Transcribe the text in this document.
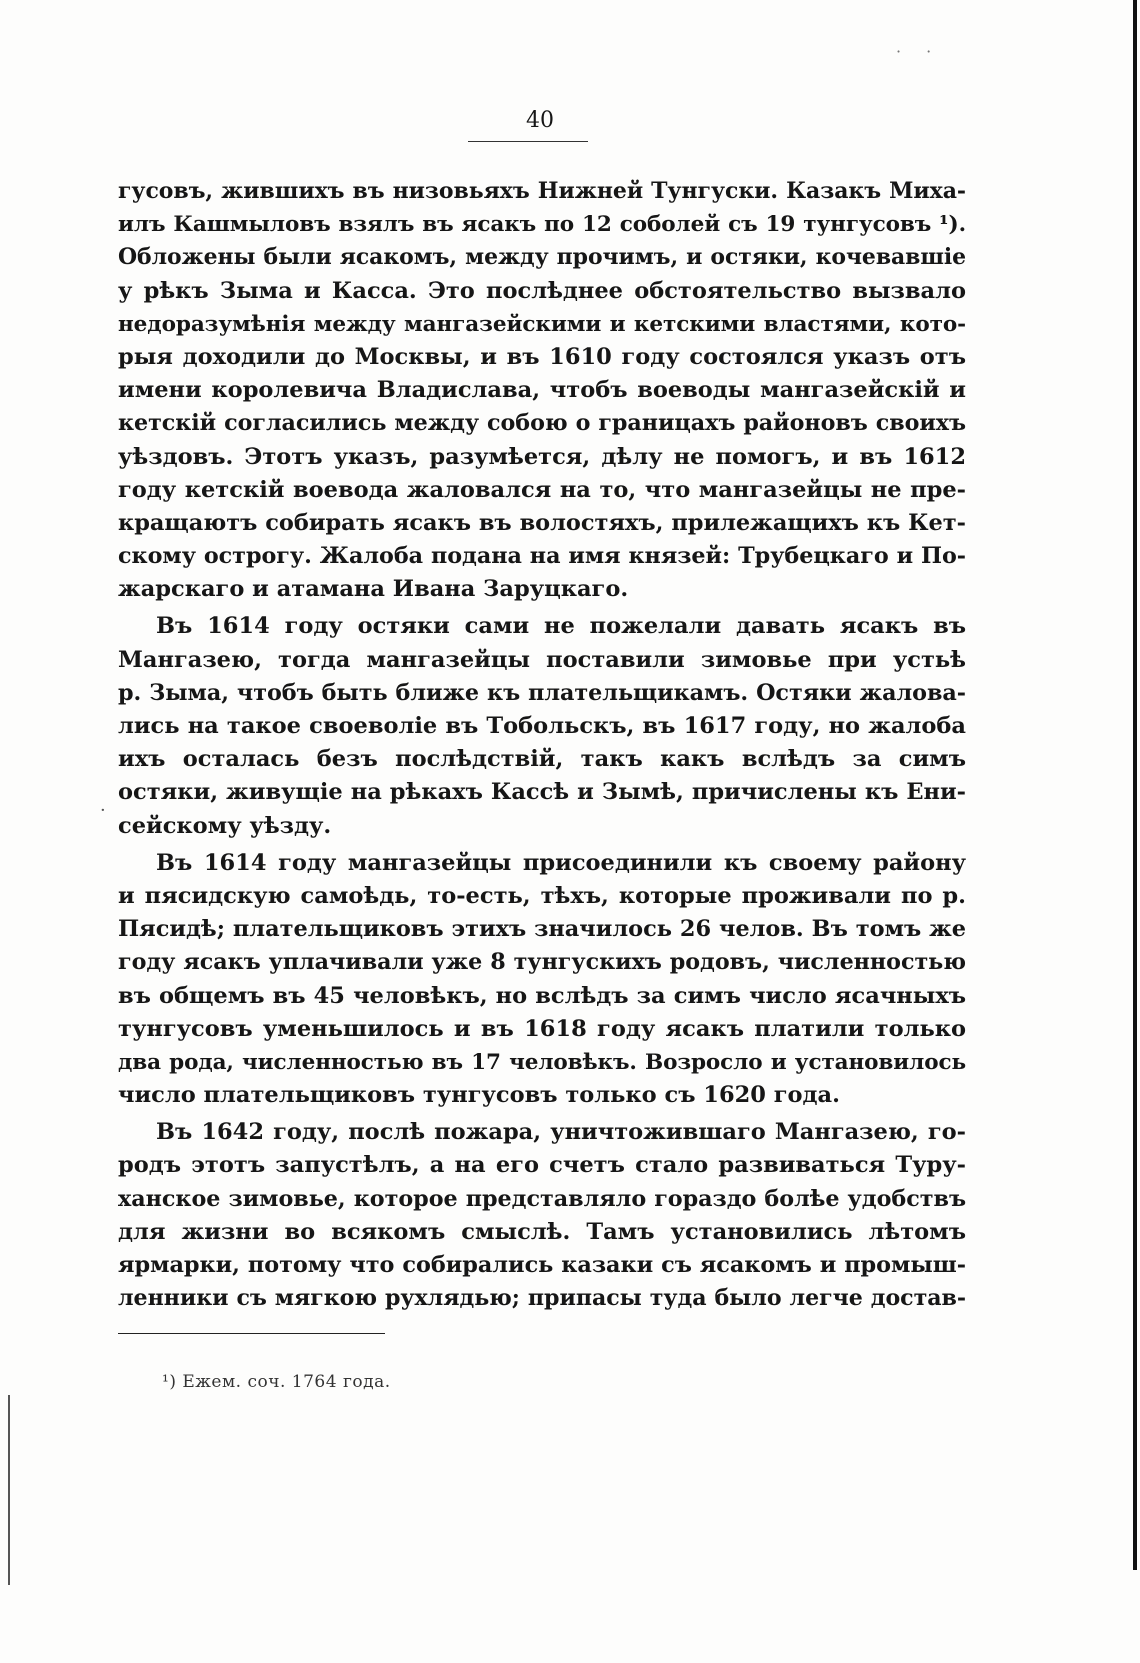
· ·
·
40
гусовъ, жившихъ въ низовьяхъ Нижней Тунгуски. Казакъ Миха-
илъ Кашмыловъ взялъ въ ясакъ по 12 соболей съ 19 тунгусовъ ¹).
Обложены были ясакомъ, между прочимъ, и остяки, кочевавшіе
у рѣкъ Зыма и Касса. Это послѣднее обстоятельство вызвало
недоразумѣнія между мангазейскими и кетскими властями, кото-
рыя доходили до Москвы, и въ 1610 году состоялся указъ отъ
имени королевича Владислава, чтобъ воеводы мангазейскій и
кетскій согласились между собою о границахъ районовъ своихъ
уѣздовъ. Этотъ указъ, разумѣется, дѣлу не помогъ, и въ 1612
году кетскій воевода жаловался на то, что мангазейцы не пре-
кращаютъ собирать ясакъ въ волостяхъ, прилежащихъ къ Кет-
скому острогу. Жалоба подана на имя князей: Трубецкаго и По-
жарскаго и атамана Ивана Заруцкаго.
Въ 1614 году остяки сами не пожелали давать ясакъ въ
Мангазею, тогда мангазейцы поставили зимовье при устьѣ
р. Зыма, чтобъ быть ближе къ плательщикамъ. Остяки жалова-
лись на такое своеволіе въ Тобольскъ, въ 1617 году, но жалоба
ихъ осталась безъ послѣдствій, такъ какъ вслѣдъ за симъ
остяки, живущіе на рѣкахъ Кассѣ и Зымѣ, причислены къ Ени-
сейскому уѣзду.
Въ 1614 году мангазейцы присоединили къ своему району
и пясидскую самоѣдь, то-есть, тѣхъ, которые проживали по р.
Пясидѣ; плательщиковъ этихъ значилось 26 челов. Въ томъ же
году ясакъ уплачивали уже 8 тунгускихъ родовъ, численностью
въ общемъ въ 45 человѣкъ, но вслѣдъ за симъ число ясачныхъ
тунгусовъ уменьшилось и въ 1618 году ясакъ платили только
два рода, численностью въ 17 человѣкъ. Возросло и установилось
число плательщиковъ тунгусовъ только съ 1620 года.
Въ 1642 году, послѣ пожара, уничтожившаго Мангазею, го-
родъ этотъ запустѣлъ, а на его счетъ стало развиваться Туру-
ханское зимовье, которое представляло гораздо болѣе удобствъ
для жизни во всякомъ смыслѣ. Тамъ установились лѣтомъ
ярмарки, потому что собирались казаки съ ясакомъ и промыш-
ленники съ мягкою рухлядью; припасы туда было легче достав-
¹) Ежем. соч. 1764 года.
